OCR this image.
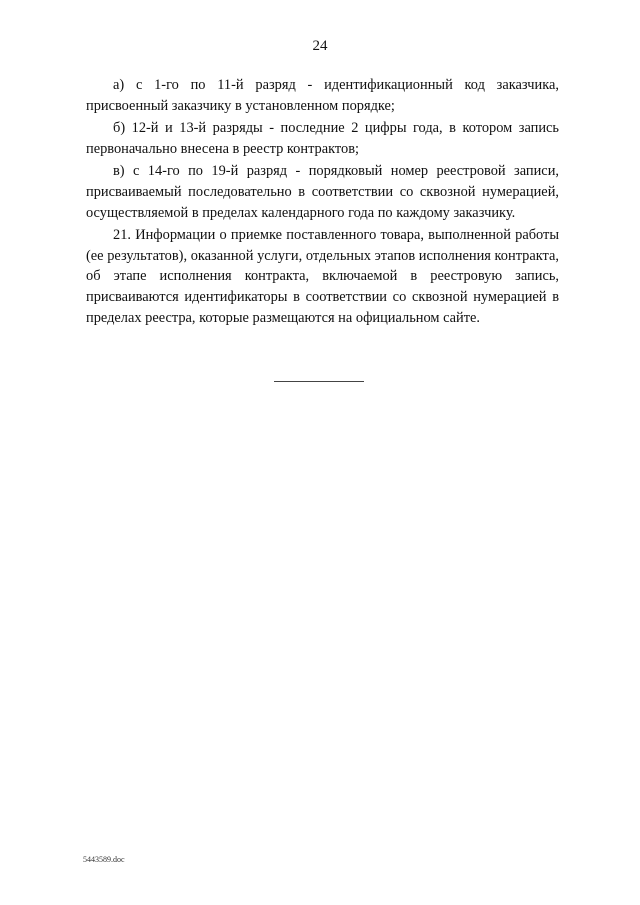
24

а) с 1-го по 11-й разряд - идентификационный код заказчика, присвоенный заказчику в установленном порядке;

б) 12-й и 13-й разряды - последние 2 цифры года, в котором запись первоначально внесена в реестр контрактов;

в) с 14-го по 19-й разряд - порядковый номер реестровой записи, присваиваемый последовательно в соответствии со сквозной нумерацией, осуществляемой в пределах календарного года по каждому заказчику.

21. Информации о приемке поставленного товара, выполненной работы (ее результатов), оказанной услуги, отдельных этапов исполнения контракта, об этапе исполнения контракта, включаемой в реестровую запись, присваиваются идентификаторы в соответствии со сквозной нумерацией в пределах реестра, которые размещаются на официальном сайте.

5443589.doc
